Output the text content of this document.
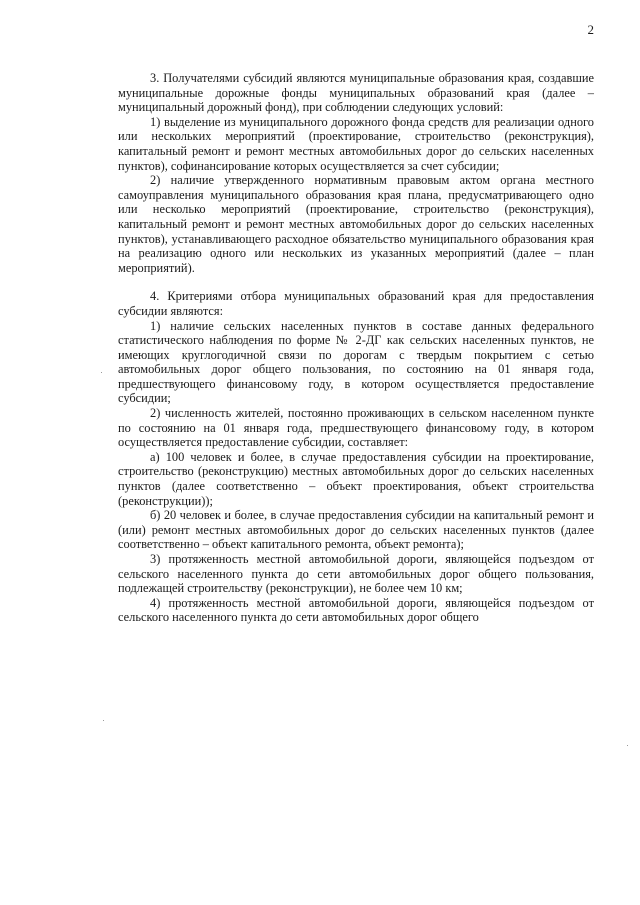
2

3. Получателями субсидий являются муниципальные образования края, создавшие муниципальные дорожные фонды муниципальных образований края (далее – муниципальный дорожный фонд), при соблюдении следующих условий:

1) выделение из муниципального дорожного фонда средств для реализации одного или нескольких мероприятий (проектирование, строительство (реконструкция), капитальный ремонт и ремонт местных автомобильных дорог до сельских населенных пунктов), софинансирование которых осуществляется за счет субсидии;

2) наличие утвержденного нормативным правовым актом органа местного самоуправления муниципального образования края плана, предусматривающего одно или несколько мероприятий (проектирование, строительство (реконструкция), капитальный ремонт и ремонт местных автомобильных дорог до сельских населенных пунктов), устанавливающего расходное обязательство муниципального образования края на реализацию одного или нескольких из указанных мероприятий (далее – план мероприятий).

4. Критериями отбора муниципальных образований края для предоставления субсидии являются:

1) наличие сельских населенных пунктов в составе данных федерального статистического наблюдения по форме № 2-ДГ как сельских населенных пунктов, не имеющих круглогодичной связи по дорогам с твердым покрытием с сетью автомобильных дорог общего пользования, по состоянию на 01 января года, предшествующего финансовому году, в котором осуществляется предоставление субсидии;

2) численность жителей, постоянно проживающих в сельском населенном пункте по состоянию на 01 января года, предшествующего финансовому году, в котором осуществляется предоставление субсидии, составляет:

а) 100 человек и более, в случае предоставления субсидии на проектирование, строительство (реконструкцию) местных автомобильных дорог до сельских населенных пунктов (далее соответственно – объект проектирования, объект строительства (реконструкции));

б) 20 человек и более, в случае предоставления субсидии на капитальный ремонт и (или) ремонт местных автомобильных дорог до сельских населенных пунктов (далее соответственно – объект капитального ремонта, объект ремонта);

3) протяженность местной автомобильной дороги, являющейся подъездом от сельского населенного пункта до сети автомобильных дорог общего пользования, подлежащей строительству (реконструкции), не более чем 10 км;

4) протяженность местной автомобильной дороги, являющейся подъездом от сельского населенного пункта до сети автомобильных дорог общего
